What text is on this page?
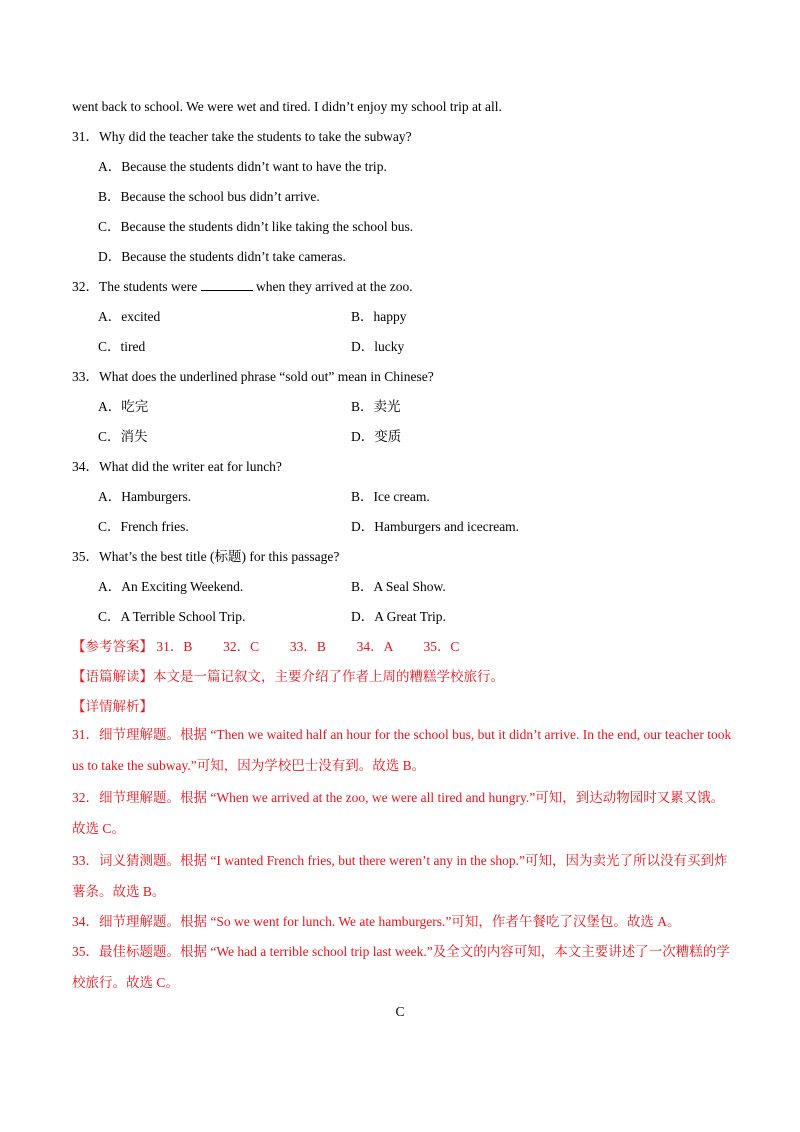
went back to school. We were wet and tired. I didn’t enjoy my school trip at all.
31．Why did the teacher take the students to take the subway?
A．Because the students didn’t want to have the trip.
B．Because the school bus didn’t arrive.
C．Because the students didn’t like taking the school bus.
D．Because the students didn’t take cameras.
32．The students were	when they arrived at the zoo.
A．excited	B．happy
C．tired	D．lucky
33．What does the underlined phrase “sold out” mean in Chinese?
A．吃完	B．卖光
C．消失	D．变质
34．What did the writer eat for lunch?
A．Hamburgers.	B．Ice cream.
C．French fries.	D．Hamburgers and icecream.
35．What’s the best title (标题) for this passage?
A．An Exciting Weekend.	B．A Seal Show.
C．A Terrible School Trip.	D．A Great Trip.
【参考答案】 31．B 32．C 33．B 34．A 35．C
【语篇解读】本文是一篇记叙文，主要介绍了作者上周的糟糕学校旅行。
【详情解析】
31．细节理解题。根据 “Then we waited half an hour for the school bus, but it didn’t arrive. In the end, our teacher took us to take the subway.”可知，因为学校巴士没有到。故选 B。
32．细节理解题。根据 “When we arrived at the zoo, we were all tired and hungry.”可知，到达动物园时又累又饿。故选 C。
33．词义猜测题。根据 “I wanted French fries, but there weren’t any in the shop.”可知，因为卖光了所以没有买到炸薯条。故选 B。
34．细节理解题。根据 “So we went for lunch. We ate hamburgers.”可知，作者午餐吃了汉堡包。故选 A。
35．最佳标题题。根据 “We had a terrible school trip last week.”及全文的内容可知，本文主要讲述了一次糟糕的学校旅行。故选 C。
C
